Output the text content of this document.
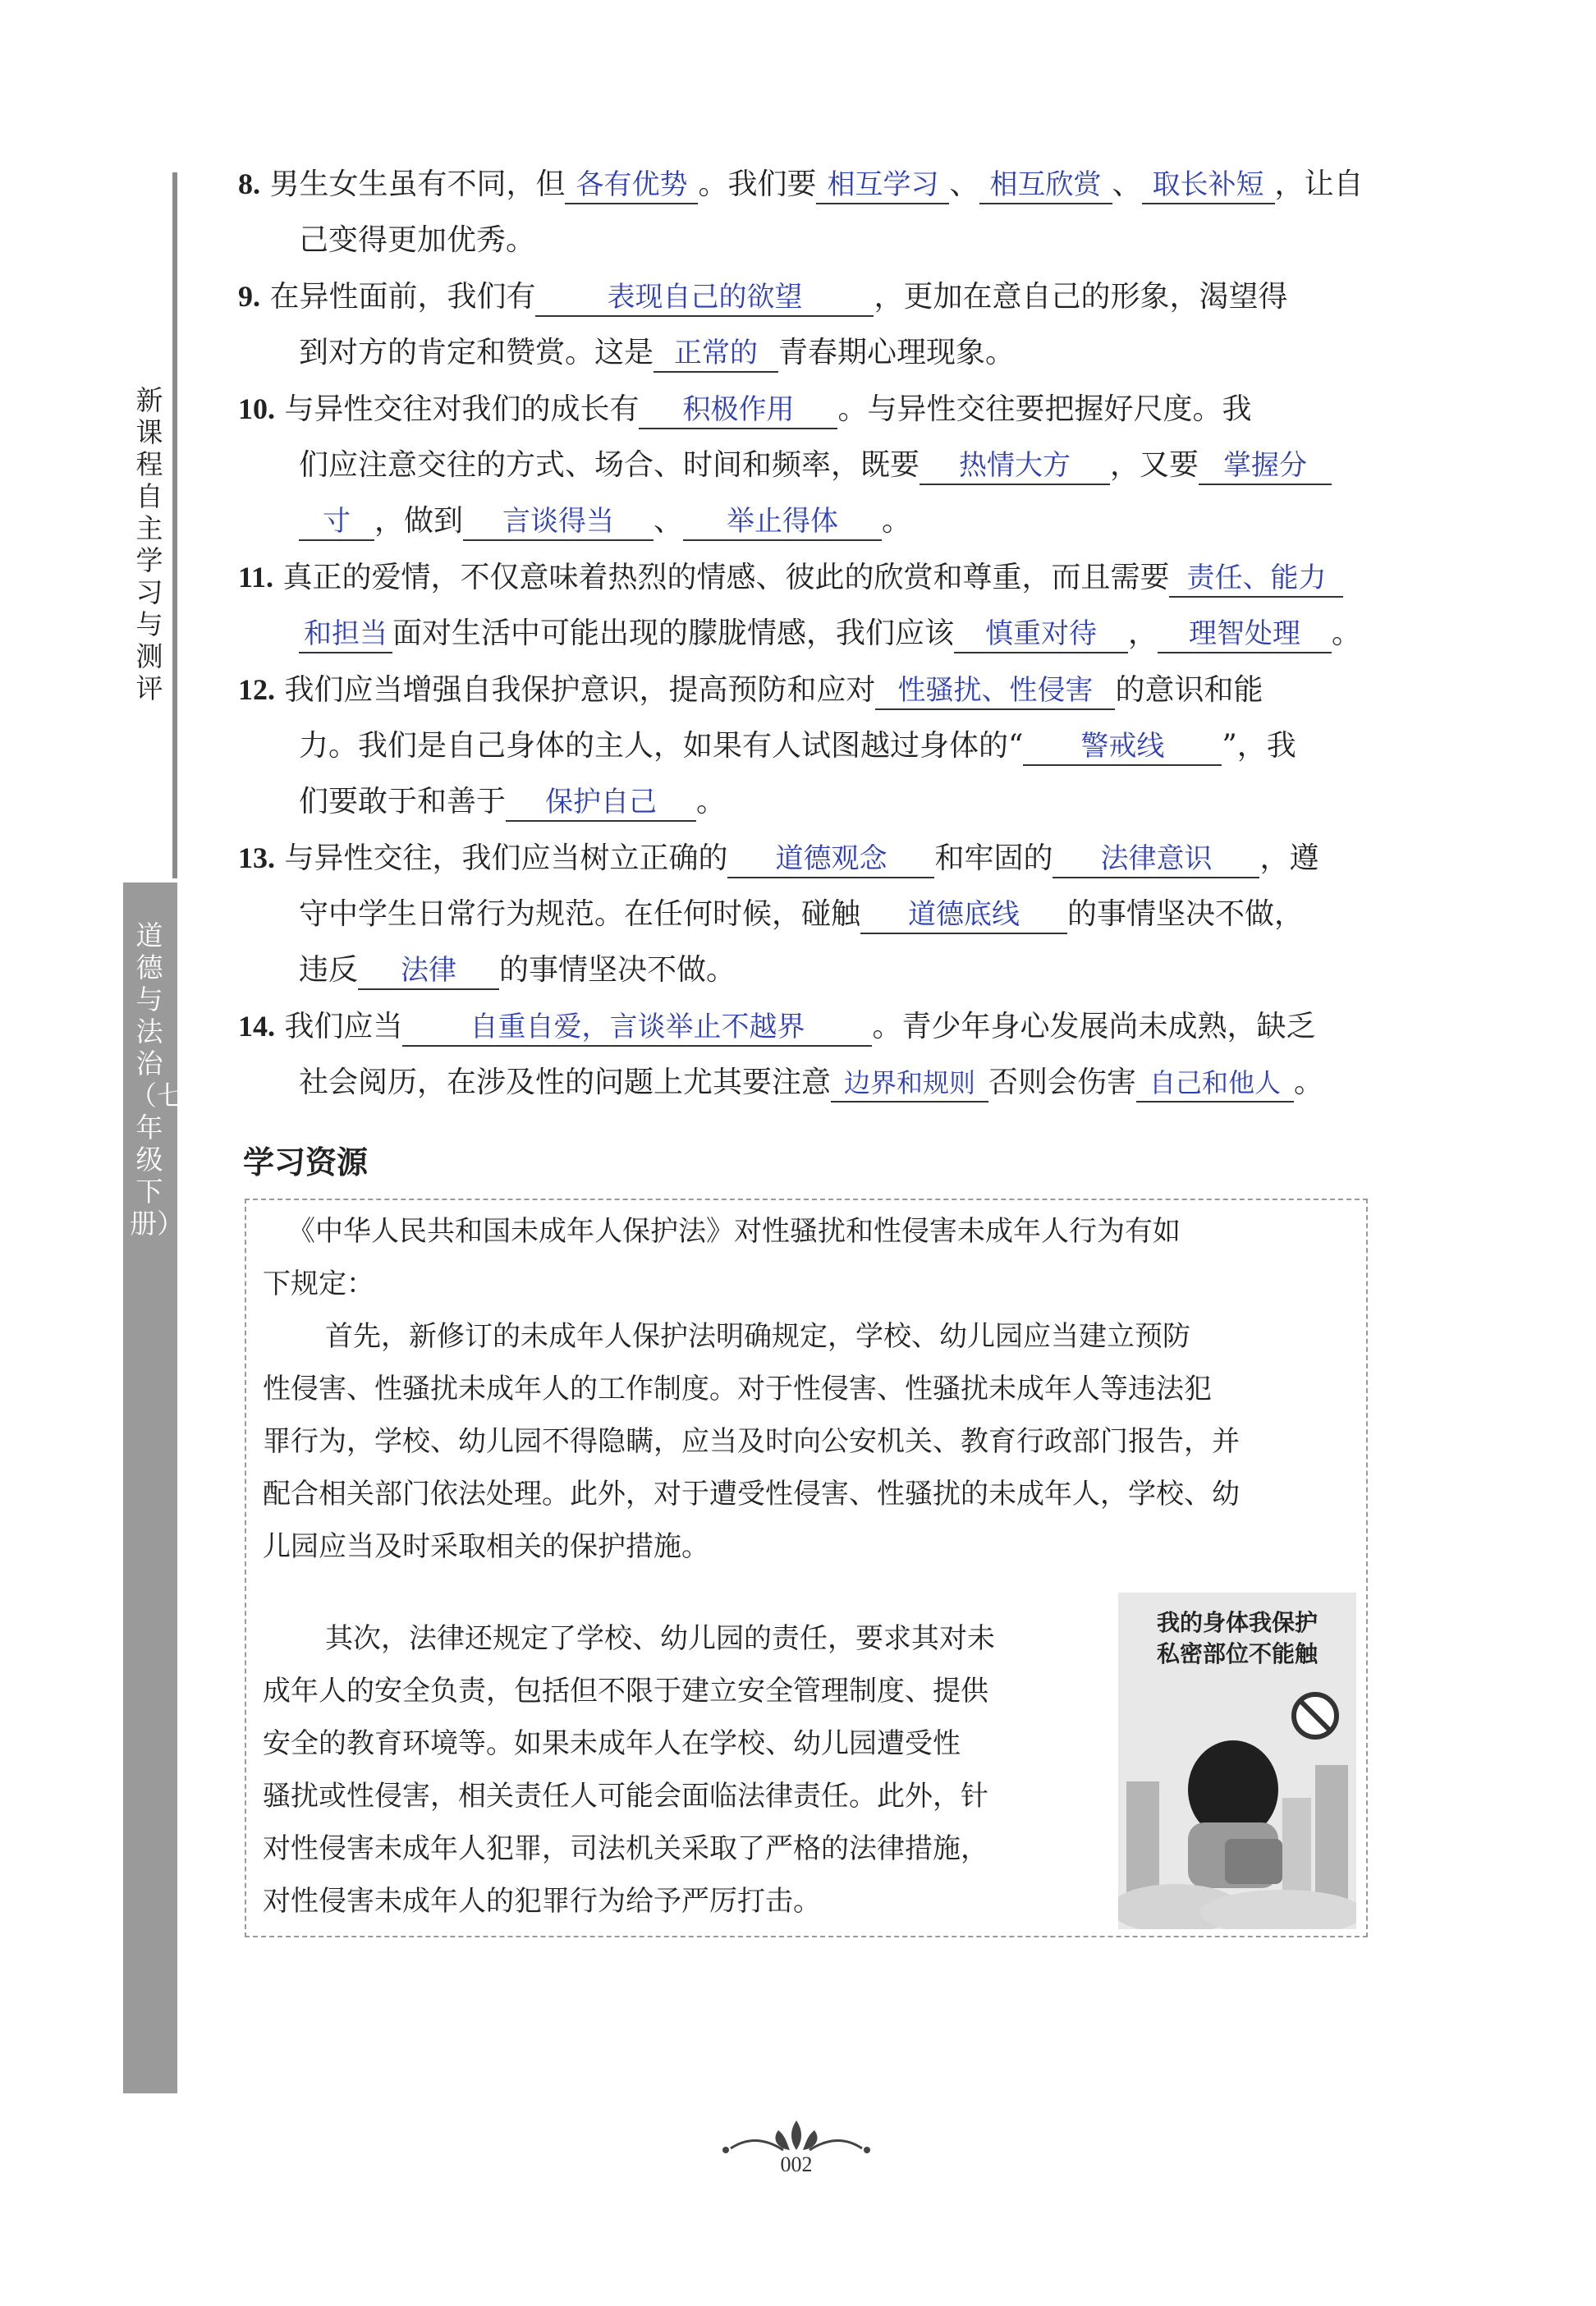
新课程自主学习与测评
道德与法治（七年级下册）

8. 男生女生虽有不同，但 各有优势 。我们要 相互学习 、 相互欣赏 、 取长补短 ，让自

己变得更加优秀。

9. 在异性面前，我们有	表现自己的欲望 ，更加在意自己的形象，渴望得

到对方的肯定和赞赏。这是 正常的 青春期心理现象。

10. 与异性交往对我们的成长有 积极作用 。与异性交往要把握好尺度。我

们应注意交往的方式、场合、时间和频率，既要 热情大方 ，又要 掌握分

寸 ，做到 言谈得当 、 举止得体 。

11. 真正的爱情，不仅意味着热烈的情感、彼此的欣赏和尊重，而且需要 责任、能力

和担当 面对生活中可能出现的朦胧情感，我们应该 慎重对待 ， 理智处理 。

12. 我们应当增强自我保护意识，提高预防和应对 性骚扰、性侵害 的意识和能

力。我们是自己身体的主人，如果有人试图越过身体的“ 警戒线 ”，我

们要敢于和善于 保护自己 。

13. 与异性交往，我们应当树立正确的 道德观念 和牢固的 法律意识 ，遵

守中学生日常行为规范。在任何时候，碰触 道德底线 的事情坚决不做，

违反 法律 的事情坚决不做。

14. 我们应当 自重自爱，言谈举止不越界 。青少年身心发展尚未成熟，缺乏

社会阅历，在涉及性的问题上尤其要注意 边界和规则 否则会伤害 自己和他人 。

学习资源
《中华人民共和国未成年人保护法》对性骚扰和性侵害未成年人行为有如
下规定：
首先，新修订的未成年人保护法明确规定，学校、幼儿园应当建立预防
性侵害、性骚扰未成年人的工作制度。对于性侵害、性骚扰未成年人等违法犯
罪行为，学校、幼儿园不得隐瞒，应当及时向公安机关、教育行政部门报告，并
配合相关部门依法处理。此外，对于遭受性侵害、性骚扰的未成年人，学校、幼
儿园应当及时采取相关的保护措施。
其次，法律还规定了学校、幼儿园的责任，要求其对未
成年人的安全负责，包括但不限于建立安全管理制度、提供
安全的教育环境等。如果未成年人在学校、幼儿园遭受性
骚扰或性侵害，相关责任人可能会面临法律责任。此外，针
对性侵害未成年人犯罪，司法机关采取了严格的法律措施，
对性侵害未成年人的犯罪行为给予严厉打击。
我的身体我保护
私密部位不能触
002
